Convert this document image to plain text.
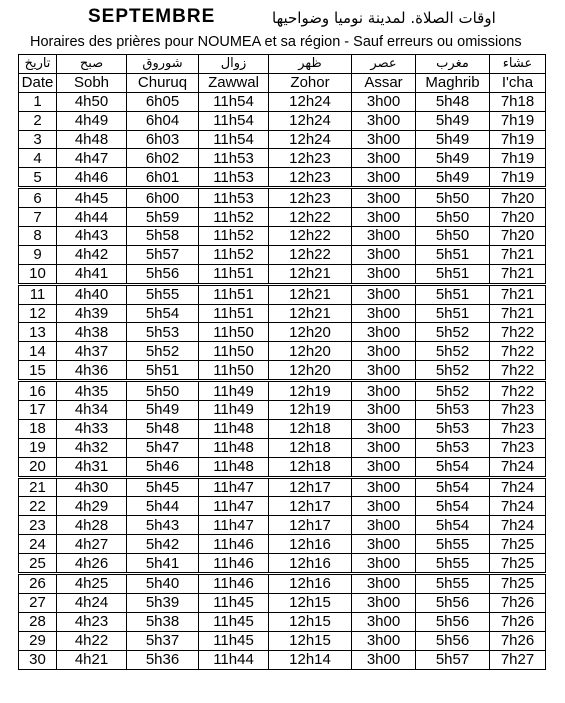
SEPTEMBRE	اوقات الصلاة. لمدينة نوميا وضواحيها
Horaires des prières pour NOUMEA et sa région - Sauf erreurs ou omissions
تاريخ	صبح	شوروق	زوال	ظهر	عصر	مغرب	عشاء
Date	Sobh	Churuq	Zawwal	Zohor	Assar	Maghrib	I'cha
1	4h50	6h05	11h54	12h24	3h00	5h48	7h18
2	4h49	6h04	11h54	12h24	3h00	5h49	7h19
3	4h48	6h03	11h54	12h24	3h00	5h49	7h19
4	4h47	6h02	11h53	12h23	3h00	5h49	7h19
5	4h46	6h01	11h53	12h23	3h00	5h49	7h19
6	4h45	6h00	11h53	12h23	3h00	5h50	7h20
7	4h44	5h59	11h52	12h22	3h00	5h50	7h20
8	4h43	5h58	11h52	12h22	3h00	5h50	7h20
9	4h42	5h57	11h52	12h22	3h00	5h51	7h21
10	4h41	5h56	11h51	12h21	3h00	5h51	7h21
11	4h40	5h55	11h51	12h21	3h00	5h51	7h21
12	4h39	5h54	11h51	12h21	3h00	5h51	7h21
13	4h38	5h53	11h50	12h20	3h00	5h52	7h22
14	4h37	5h52	11h50	12h20	3h00	5h52	7h22
15	4h36	5h51	11h50	12h20	3h00	5h52	7h22
16	4h35	5h50	11h49	12h19	3h00	5h52	7h22
17	4h34	5h49	11h49	12h19	3h00	5h53	7h23
18	4h33	5h48	11h48	12h18	3h00	5h53	7h23
19	4h32	5h47	11h48	12h18	3h00	5h53	7h23
20	4h31	5h46	11h48	12h18	3h00	5h54	7h24
21	4h30	5h45	11h47	12h17	3h00	5h54	7h24
22	4h29	5h44	11h47	12h17	3h00	5h54	7h24
23	4h28	5h43	11h47	12h17	3h00	5h54	7h24
24	4h27	5h42	11h46	12h16	3h00	5h55	7h25
25	4h26	5h41	11h46	12h16	3h00	5h55	7h25
26	4h25	5h40	11h46	12h16	3h00	5h55	7h25
27	4h24	5h39	11h45	12h15	3h00	5h56	7h26
28	4h23	5h38	11h45	12h15	3h00	5h56	7h26
29	4h22	5h37	11h45	12h15	3h00	5h56	7h26
30	4h21	5h36	11h44	12h14	3h00	5h57	7h27
